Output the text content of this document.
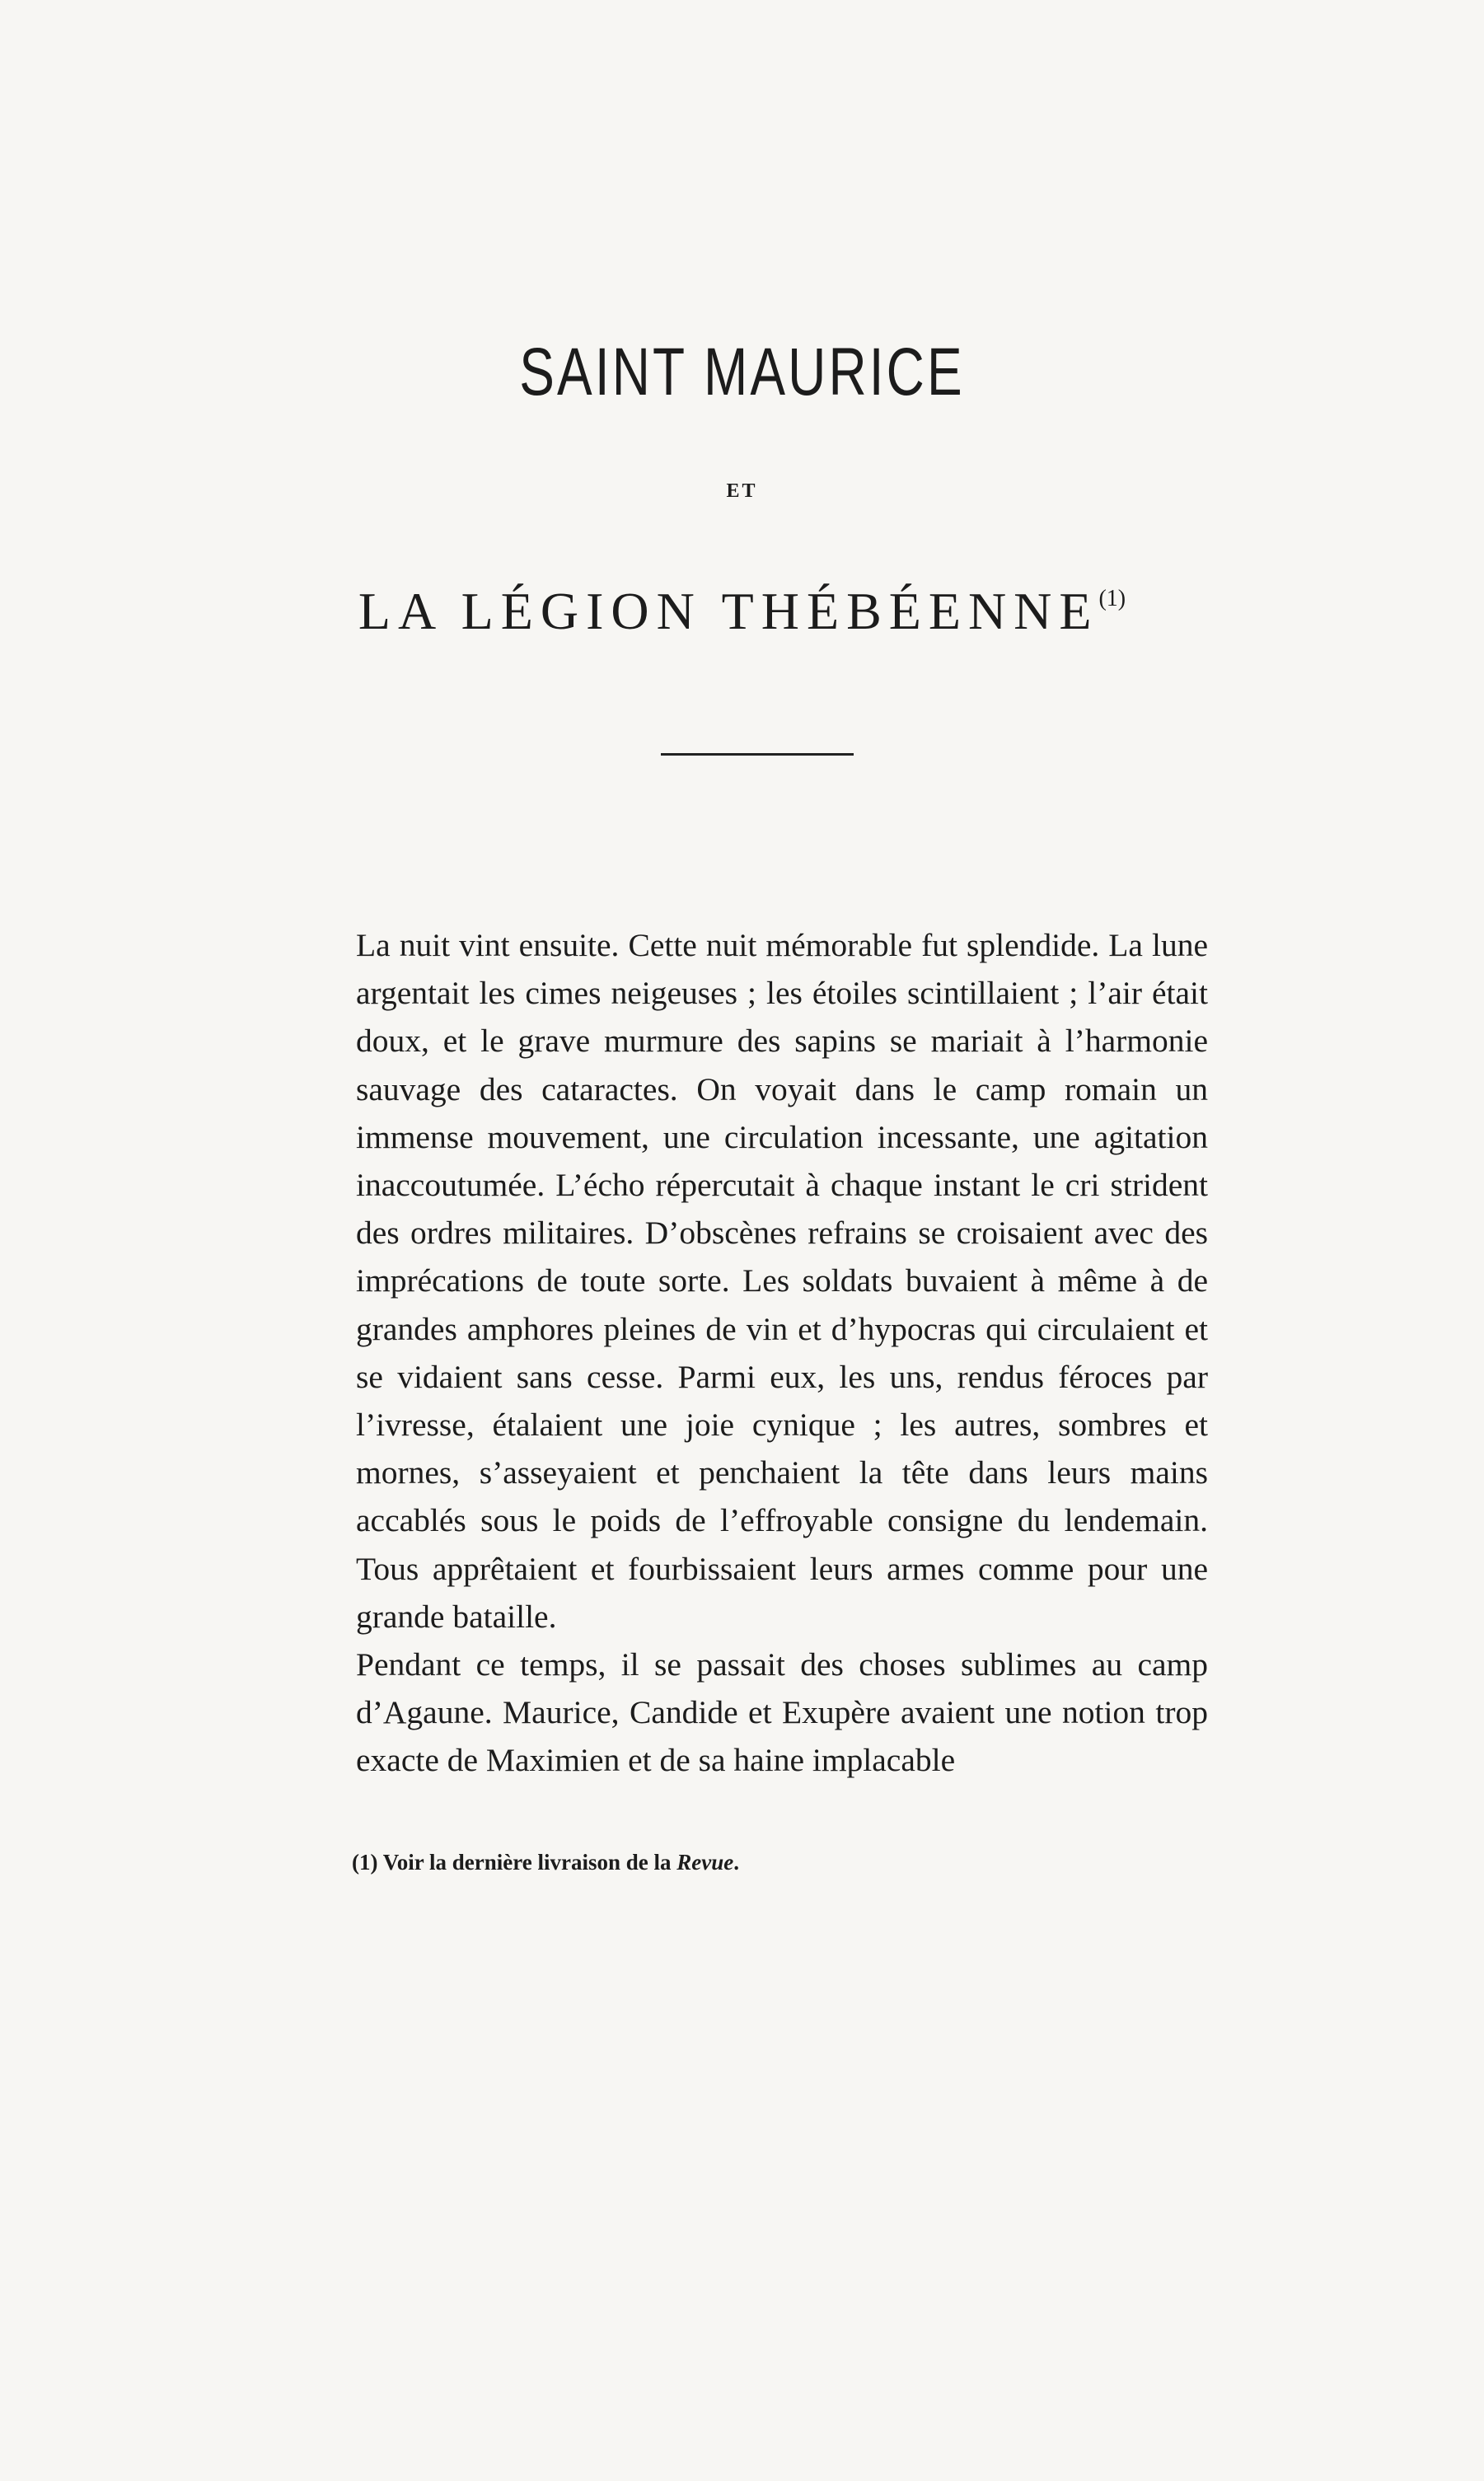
SAINT MAURICE
ET
LA LÉGION THÉBÉENNE$^{(1)}$

La nuit vint ensuite. Cette nuit mémorable fut splendide. La lune argentait les cimes neigeuses ; les étoiles scintillaient ; l’air était doux, et le grave murmure des sapins se mariait à l’harmonie sauvage des cataractes. On voyait dans le camp romain un immense mouvement, une circulation incessante, une agitation inaccoutumée. L’écho répercutait à chaque instant le cri strident des ordres militaires. D’obscènes refrains se croisaient avec des imprécations de toute sorte. Les soldats buvaient à même à de grandes amphores pleines de vin et d’hypocras qui circulaient et se vidaient sans cesse. Parmi eux, les uns, rendus féroces par l’ivresse, étalaient une joie cynique ; les autres, sombres et mornes, s’asseyaient et penchaient la tête dans leurs mains accablés sous le poids de l’effroyable consigne du lendemain. Tous apprêtaient et fourbissaient leurs armes comme pour une grande bataille.

Pendant ce temps, il se passait des choses sublimes au camp d’Agaune. Maurice, Candide et Exupère avaient une notion trop exacte de Maximien et de sa haine implacable

(1) Voir la dernière livraison de la Revue.
